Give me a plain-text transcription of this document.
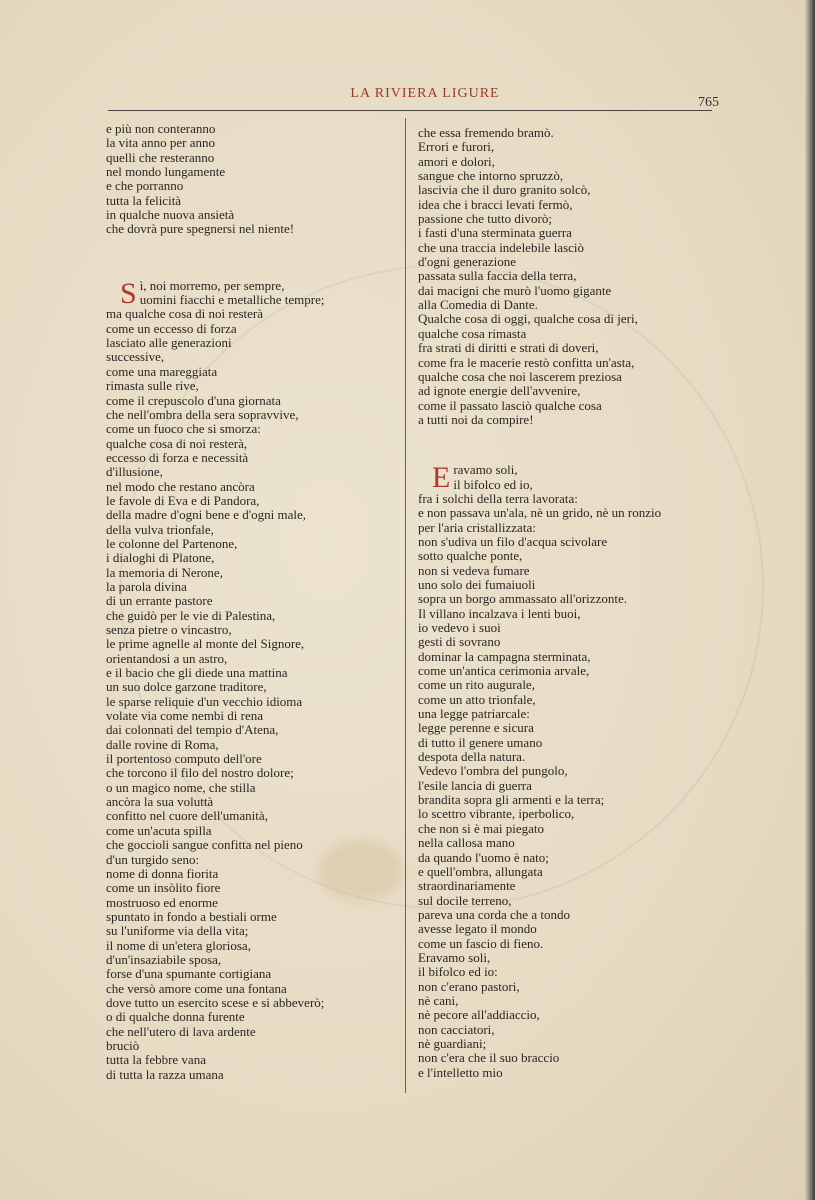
LA RIVIERA LIGURE
765

e più non conteranno

la vita anno per anno

quelli che resteranno

nel mondo lungamente

e che porranno

tutta la felicità

in qualche nuova ansietà

che dovrà pure spegnersi nel niente!

Sì, noi morremo, per sempre,

uomini fiacchi e metalliche tempre;

ma qualche cosa di noi resterà

come un eccesso di forza

lasciato alle generazioni

successive,

come una mareggiata

rimasta sulle rive,

come il crepuscolo d'una giornata

che nell'ombra della sera sopravvive,

come un fuoco che si smorza:

qualche cosa di noi resterà,

eccesso di forza e necessità

d'illusione,

nel modo che restano ancòra

le favole di Eva e di Pandora,

della madre d'ogni bene e d'ogni male,

della vulva trionfale,

le colonne del Partenone,

i dialoghi di Platone,

la memoria di Nerone,

la parola divina

di un errante pastore

che guidò per le vie di Palestina,

senza pietre o vincastro,

le prime agnelle al monte del Signore,

orientandosi a un astro,

e il bacio che gli diede una mattina

un suo dolce garzone traditore,

le sparse reliquie d'un vecchio idioma

volate via come nembi di rena

dai colonnati del tempio d'Atena,

dalle rovine di Roma,

il portentoso computo dell'ore

che torcono il filo del nostro dolore;

o un magico nome, che stilla

ancòra la sua voluttà

confitto nel cuore dell'umanità,

come un'acuta spilla

che goccioli sangue confitta nel pieno

d'un turgido seno:

nome di donna fiorita

come un insòlito fiore

mostruoso ed enorme

spuntato in fondo a bestiali orme

su l'uniforme via della vita;

il nome di un'etera gloriosa,

d'un'insaziabile sposa,

forse d'una spumante cortigiana

che versò amore come una fontana

dove tutto un esercito scese e si abbeverò;

o di qualche donna furente

che nell'utero di lava ardente

bruciò

tutta la febbre vana

di tutta la razza umana

che essa fremendo bramò.

Errori e furori,

amori e dolori,

sangue che intorno spruzzò,

lascivia che il duro granito solcò,

idea che i bracci levati fermò,

passione che tutto divorò;

i fasti d'una sterminata guerra

che una traccia indelebile lasciò

d'ogni generazione

passata sulla faccia della terra,

dai macigni che murò l'uomo gigante

alla Comedia di Dante.

Qualche cosa di oggi, qualche cosa di jeri,

qualche cosa rimasta

fra strati di diritti e strati di doveri,

come fra le macerie restò confitta un'asta,

qualche cosa che noi lascerem preziosa

ad ignote energie dell'avvenire,

come il passato lasciò qualche cosa

a tutti noi da compire!

Eravamo soli,

il bifolco ed io,

fra i solchi della terra lavorata:

e non passava un'ala, nè un grido, nè un ronzio

per l'aria cristallizzata:

non s'udiva un filo d'acqua scivolare

sotto qualche ponte,

non si vedeva fumare

uno solo dei fumaiuoli

sopra un borgo ammassato all'orizzonte.

Il villano incalzava i lenti buoi,

io vedevo i suoi

gesti di sovrano

dominar la campagna sterminata,

come un'antica cerimonia arvale,

come un rito augurale,

come un atto trionfale,

una legge patriarcale:

legge perenne e sicura

di tutto il genere umano

despota della natura.

Vedevo l'ombra del pungolo,

l'esile lancia di guerra

brandita sopra gli armenti e la terra;

lo scettro vibrante, iperbolico,

che non si è mai piegato

nella callosa mano

da quando l'uomo è nato;

e quell'ombra, allungata

straordinariamente

sul docile terreno,

pareva una corda che a tondo

avesse legato il mondo

come un fascio di fieno.

Eravamo soli,

il bifolco ed io:

non c'erano pastori,

nè cani,

nè pecore all'addiaccio,

non cacciatori,

nè guardiani;

non c'era che il suo braccio

e l'intelletto mio
